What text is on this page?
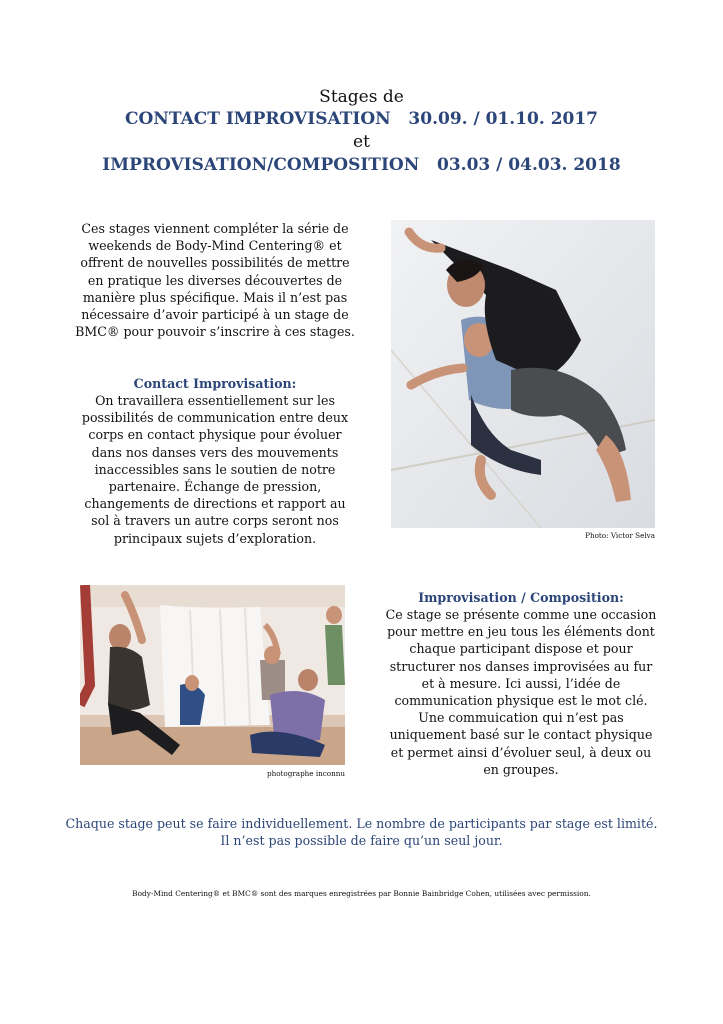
Stages de
CONTACT IMPROVISATION   30.09. / 01.10. 2017
et
IMPROVISATION/COMPOSITION   03.03 / 04.03. 2018
Ces stages viennent compléter la série de
weekends de Body-Mind Centering® et
offrent de nouvelles possibilités de mettre
en pratique les diverses découvertes de
manière plus spécifique. Mais il n’est pas
nécessaire d’avoir participé à un stage de
BMC® pour pouvoir s’inscrire à ces stages.
Contact Improvisation:
On travaillera essentiellement sur les
possibilités de communication entre deux
corps en contact physique pour évoluer
dans nos danses vers des mouvements
inaccessibles sans le soutien de notre
partenaire. Échange de pression,
changements de directions et rapport au
sol à travers un autre corps seront nos
principaux sujets d’exploration.	Photo: Victor Selva
photographe inconnu
Improvisation / Composition:
Ce stage se présente comme une occasion
pour mettre en jeu tous les éléments dont
chaque participant dispose et pour
structurer nos danses improvisées au fur
et à mesure. Ici aussi, l’idée de
communication physique est le mot clé.
Une commuication qui n’est pas
uniquement basé sur le contact physique
et permet ainsi d’évoluer seul, à deux ou
en groupes.
Chaque stage peut se faire individuellement. Le nombre de participants par stage est limité.
Il n’est pas possible de faire qu’un seul jour.
Body-Mind Centering® et BMC® sont des marques enregistrées par Bonnie Bainbridge Cohen, utilisées avec permission.
